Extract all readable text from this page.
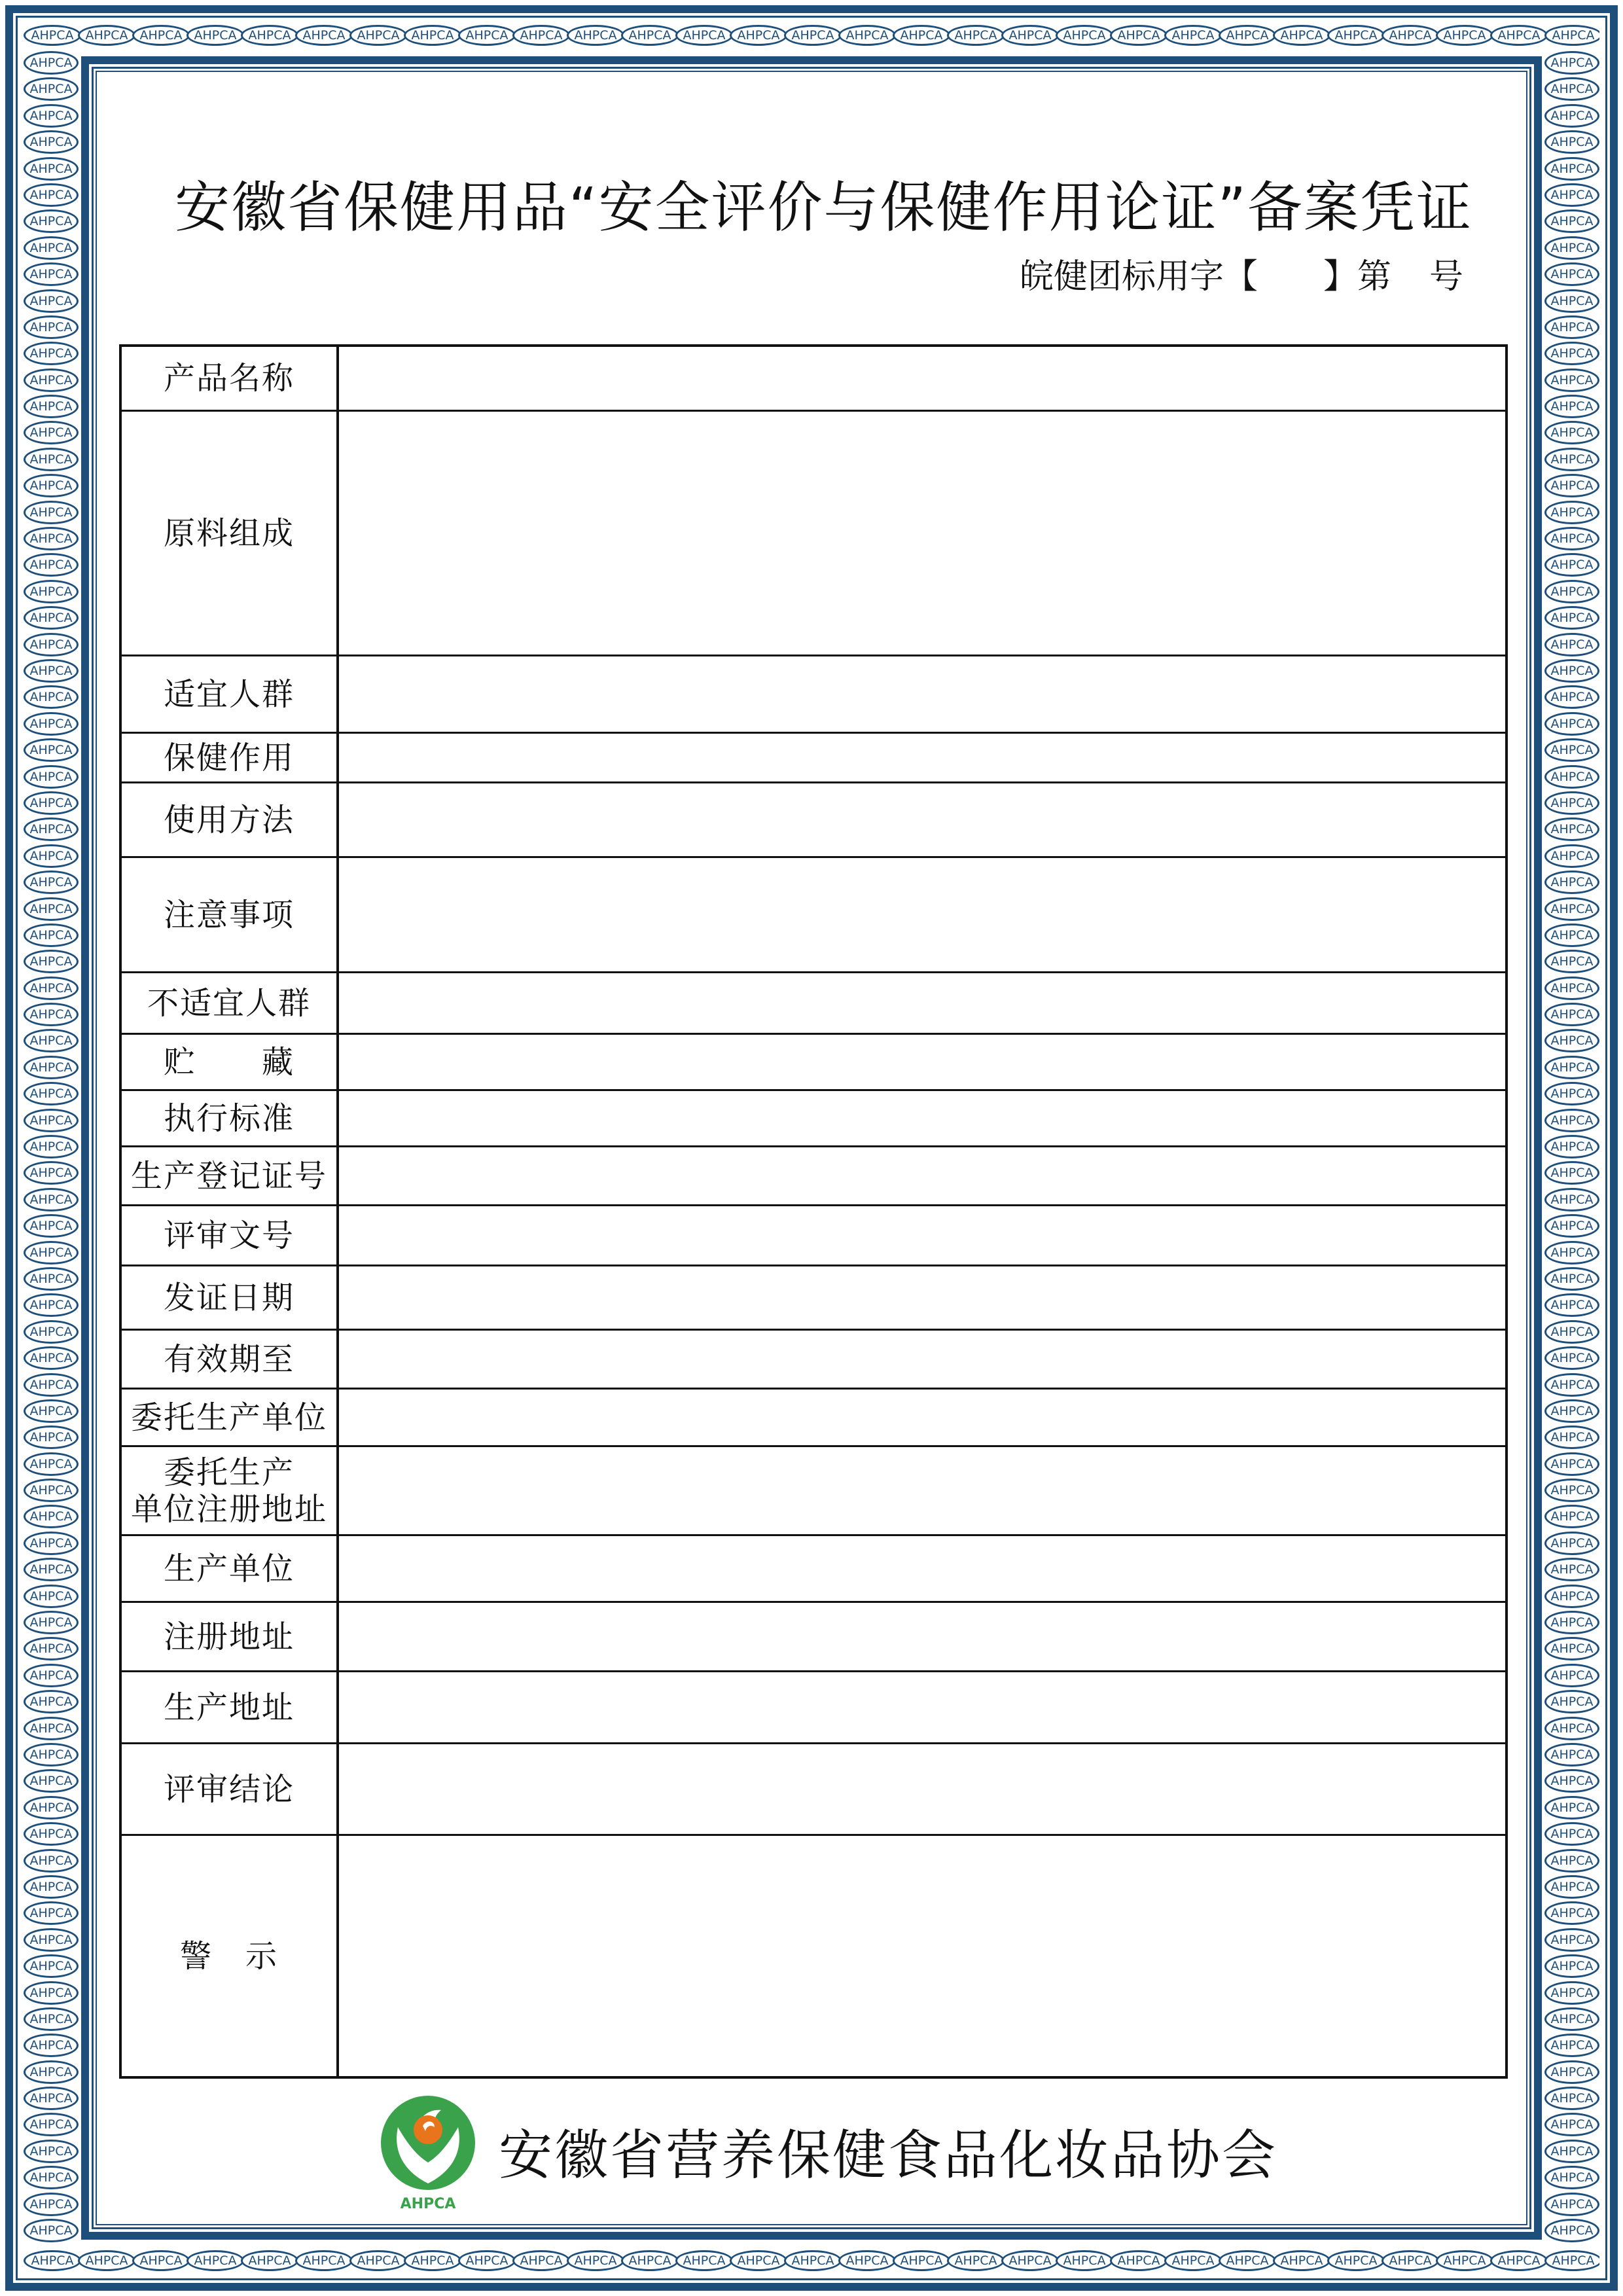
AHPCA AHPCA AHPCA AHPCA AHPCA AHPCA AHPCA AHPCA AHPCA AHPCA AHPCA AHPCA AHPCA AHPCA AHPCA AHPCA AHPCA AHPCA AHPCA AHPCA AHPCA AHPCA AHPCA AHPCA AHPCA AHPCA AHPCA AHPCA AHPCA
AHPCA AHPCA AHPCA AHPCA AHPCA AHPCA AHPCA AHPCA AHPCA AHPCA AHPCA AHPCA AHPCA AHPCA AHPCA AHPCA AHPCA AHPCA AHPCA AHPCA AHPCA AHPCA AHPCA AHPCA AHPCA AHPCA AHPCA AHPCA AHPCA
AHPCA
AHPCA
AHPCA
AHPCA
AHPCA
AHPCA
AHPCA
AHPCA
AHPCA
AHPCA
AHPCA
AHPCA
AHPCA
AHPCA
AHPCA
AHPCA
AHPCA
AHPCA
AHPCA
AHPCA
AHPCA
AHPCA
AHPCA
AHPCA
AHPCA
AHPCA
AHPCA
AHPCA
AHPCA
AHPCA
AHPCA
AHPCA
AHPCA
AHPCA
AHPCA
AHPCA
AHPCA
AHPCA
AHPCA
AHPCA
AHPCA
AHPCA
AHPCA
AHPCA
AHPCA
AHPCA
AHPCA
AHPCA
AHPCA
AHPCA
AHPCA
AHPCA
AHPCA
AHPCA
AHPCA
AHPCA
AHPCA
AHPCA
AHPCA
AHPCA
AHPCA
AHPCA
AHPCA
AHPCA
AHPCA
AHPCA
AHPCA
AHPCA
AHPCA
AHPCA
AHPCA
AHPCA
AHPCA
AHPCA
AHPCA
AHPCA
AHPCA
AHPCA
AHPCA
AHPCA
AHPCA
AHPCA
AHPCA
AHPCA
AHPCA
AHPCA
AHPCA
AHPCA
AHPCA
AHPCA
AHPCA
AHPCA
AHPCA
AHPCA
AHPCA
AHPCA
AHPCA
AHPCA
AHPCA
AHPCA
AHPCA
AHPCA
AHPCA
AHPCA
AHPCA
AHPCA
AHPCA
AHPCA
AHPCA
AHPCA
AHPCA
AHPCA
AHPCA
AHPCA
AHPCA
AHPCA
AHPCA
AHPCA
AHPCA
AHPCA
AHPCA
AHPCA
AHPCA
AHPCA
AHPCA
AHPCA
AHPCA
AHPCA
AHPCA
AHPCA
AHPCA
AHPCA
AHPCA
AHPCA
AHPCA
AHPCA
AHPCA
AHPCA
AHPCA
AHPCA
AHPCA
AHPCA
AHPCA
AHPCA
AHPCA
AHPCA
AHPCA
AHPCA
AHPCA
AHPCA
AHPCA
AHPCA
AHPCA
AHPCA
AHPCA
AHPCA
AHPCA
AHPCA
AHPCA
AHPCA
AHPCA
AHPCA
AHPCA
AHPCA
AHPCA
AHPCA
安徽省保健用品“安全评价与保健作用论证”备案凭证
皖健团标用字【 】第 号
产品名称
原料组成
适宜人群
保健作用
使用方法
注意事项
不适宜人群
贮　　藏
执行标准
生产登记证号
评审文号
发证日期
有效期至
委托生产单位
委托生产
单位注册地址
生产单位
注册地址
生产地址
评审结论
警　示
AHPCA
安徽省营养保健食品化妆品协会
